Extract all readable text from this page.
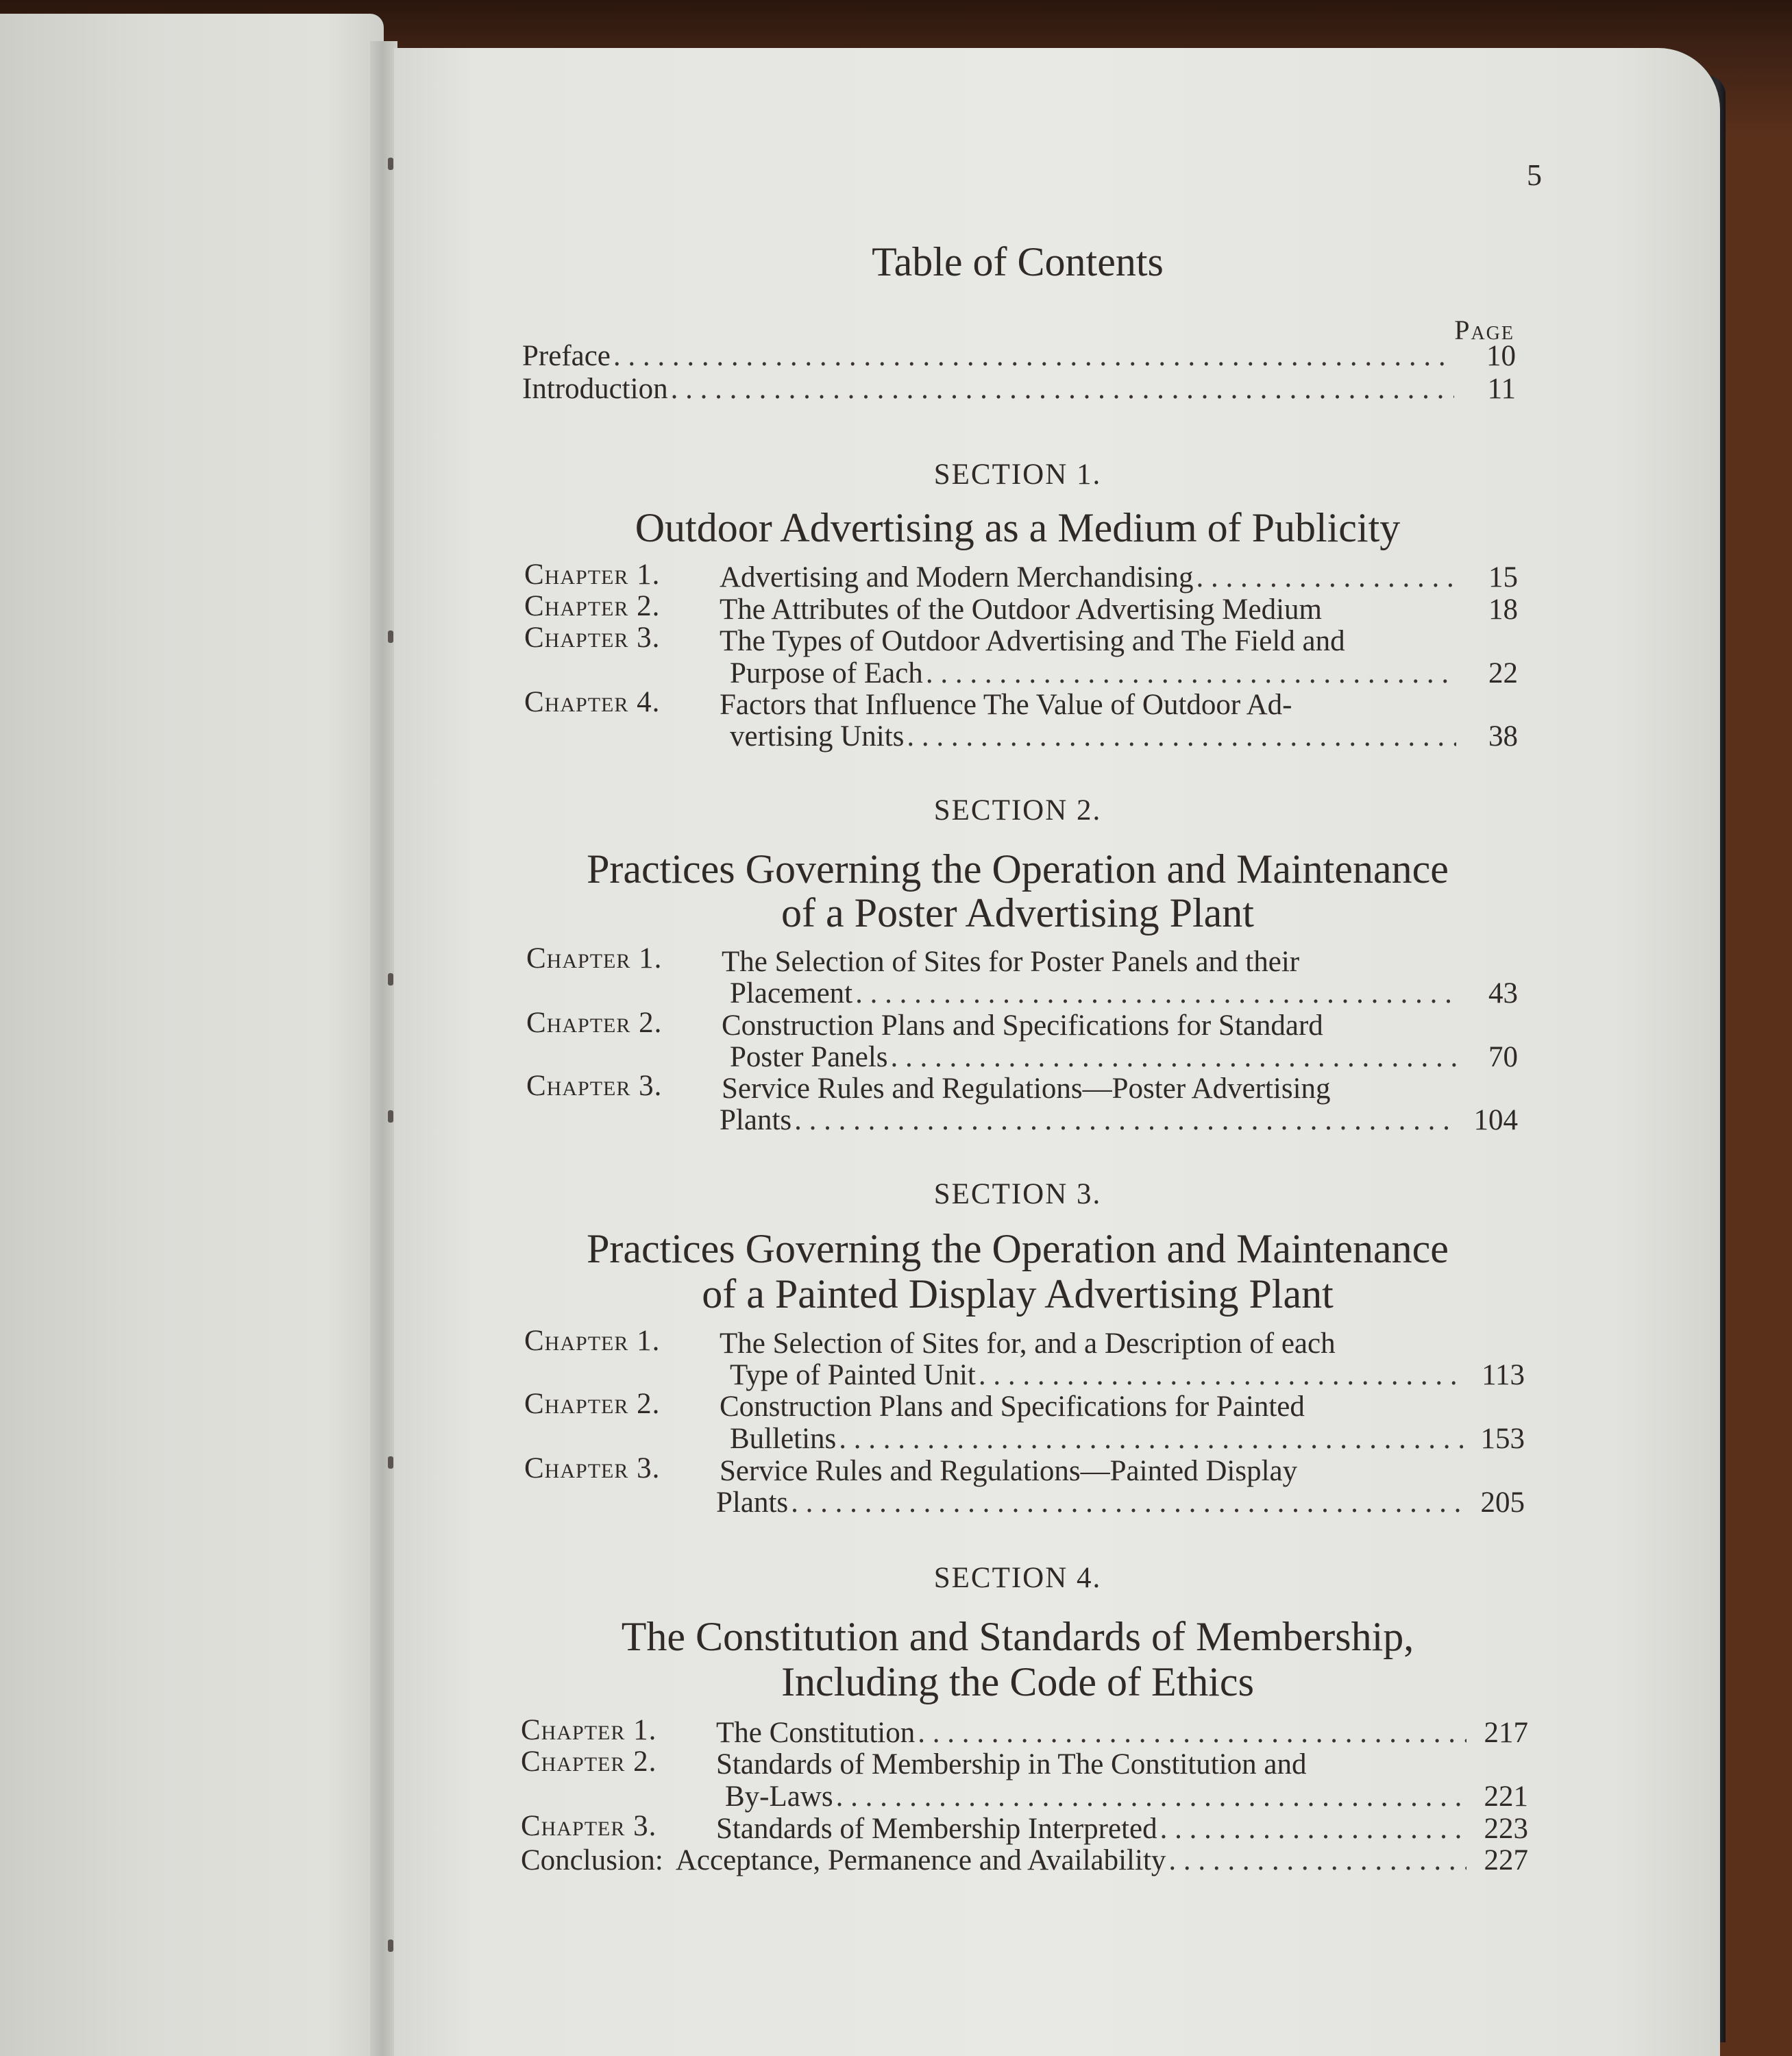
5
Table of Contents
Page
Preface . . .	10
Introduction . . .	11
SECTION 1.
Outdoor Advertising as a Medium of Publicity
Chapter 1. Advertising and Modern Merchandising . . .	15
Chapter 2. The Attributes of the Outdoor Advertising Medium	18
Chapter 3. The Types of Outdoor Advertising and The Field and
Purpose of Each . . .	22
Chapter 4. Factors that Influence The Value of Outdoor Ad-
vertising Units . . .	38
SECTION 2.
Practices Governing the Operation and Maintenance
of a Poster Advertising Plant
Chapter 1. The Selection of Sites for Poster Panels and their
Placement . . .	43
Chapter 2. Construction Plans and Specifications for Standard
Poster Panels . . .	70
Chapter 3. Service Rules and Regulations—Poster Advertising
Plants . . .	104
SECTION 3.
Practices Governing the Operation and Maintenance
of a Painted Display Advertising Plant
Chapter 1. The Selection of Sites for, and a Description of each
Type of Painted Unit . . .	113
Chapter 2. Construction Plans and Specifications for Painted
Bulletins . . .	153
Chapter 3. Service Rules and Regulations—Painted Display
Plants . . .	205
SECTION 4.
The Constitution and Standards of Membership,
Including the Code of Ethics
Chapter 1. The Constitution . . .	217
Chapter 2. Standards of Membership in The Constitution and
By-Laws . . .	221
Chapter 3. Standards of Membership Interpreted . . .	223
Conclusion: Acceptance, Permanence and Availability . . .	227
